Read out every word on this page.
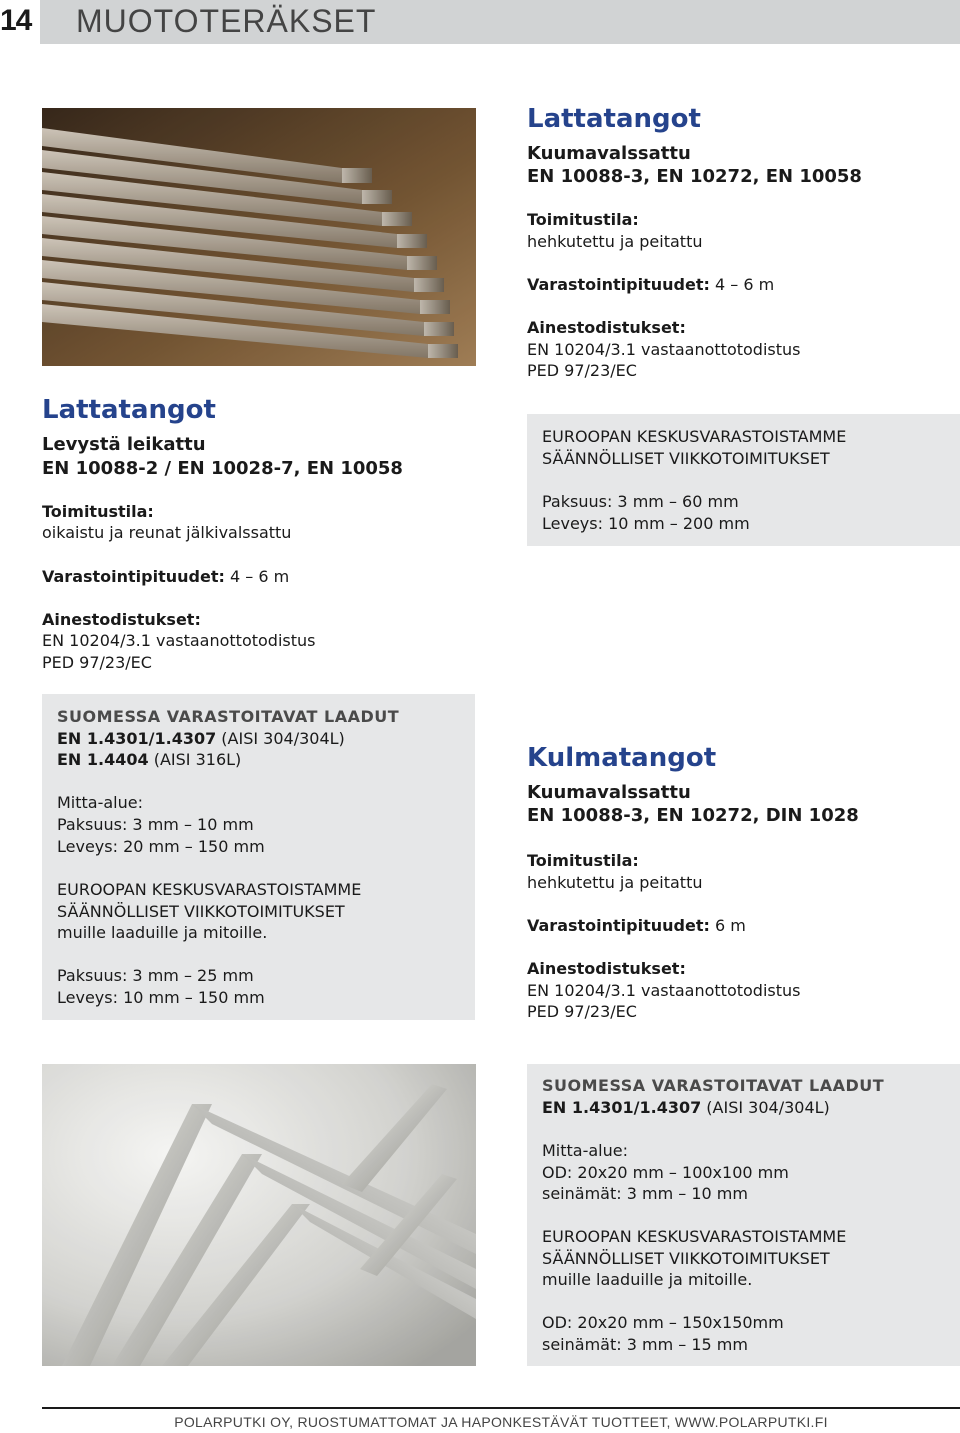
14 MUOTOTERÄKSET
Lattatangot
Kuumavalssattu
EN 10088-3, EN 10272, EN 10058
Toimitustila:
hehkutettu ja peitattu
Varastointipituudet: 4 – 6 m
Ainestodistukset:
EN 10204/3.1 vastaanottotodistus
PED 97/23/EC
EUROOPAN KESKUSVARASTOISTAMME
SÄÄNNÖLLISET VIIKKOTOIMITUKSET
Paksuus: 3 mm – 60 mm
Leveys: 10 mm – 200 mm
Lattatangot
Levystä leikattu
EN 10088-2 / EN 10028-7, EN 10058
Toimitustila:
oikaistu ja reunat jälkivalssattu
Varastointipituudet: 4 – 6 m
Ainestodistukset:
EN 10204/3.1 vastaanottotodistus
PED 97/23/EC
SUOMESSA VARASTOITAVAT LAADUT
EN 1.4301/1.4307 (AISI 304/304L)
EN 1.4404 (AISI 316L)
Mitta-alue:
Paksuus: 3 mm – 10 mm
Leveys: 20 mm – 150 mm
EUROOPAN KESKUSVARASTOISTAMME
SÄÄNNÖLLISET VIIKKOTOIMITUKSET
muille laaduille ja mitoille.
Paksuus: 3 mm – 25 mm
Leveys: 10 mm – 150 mm
Kulmatangot
Kuumavalssattu
EN 10088-3, EN 10272, DIN 1028
Toimitustila:
hehkutettu ja peitattu
Varastointipituudet: 6 m
Ainestodistukset:
EN 10204/3.1 vastaanottotodistus
PED 97/23/EC
SUOMESSA VARASTOITAVAT LAADUT
EN 1.4301/1.4307 (AISI 304/304L)
Mitta-alue:
OD: 20x20 mm – 100x100 mm
seinämät: 3 mm – 10 mm
EUROOPAN KESKUSVARASTOISTAMME
SÄÄNNÖLLISET VIIKKOTOIMITUKSET
muille laaduille ja mitoille.
OD: 20x20 mm – 150x150mm
seinämät: 3 mm – 15 mm
POLARPUTKI OY, RUOSTUMATTOMAT JA HAPONKESTÄVÄT TUOTTEET, WWW.POLARPUTKI.FI
